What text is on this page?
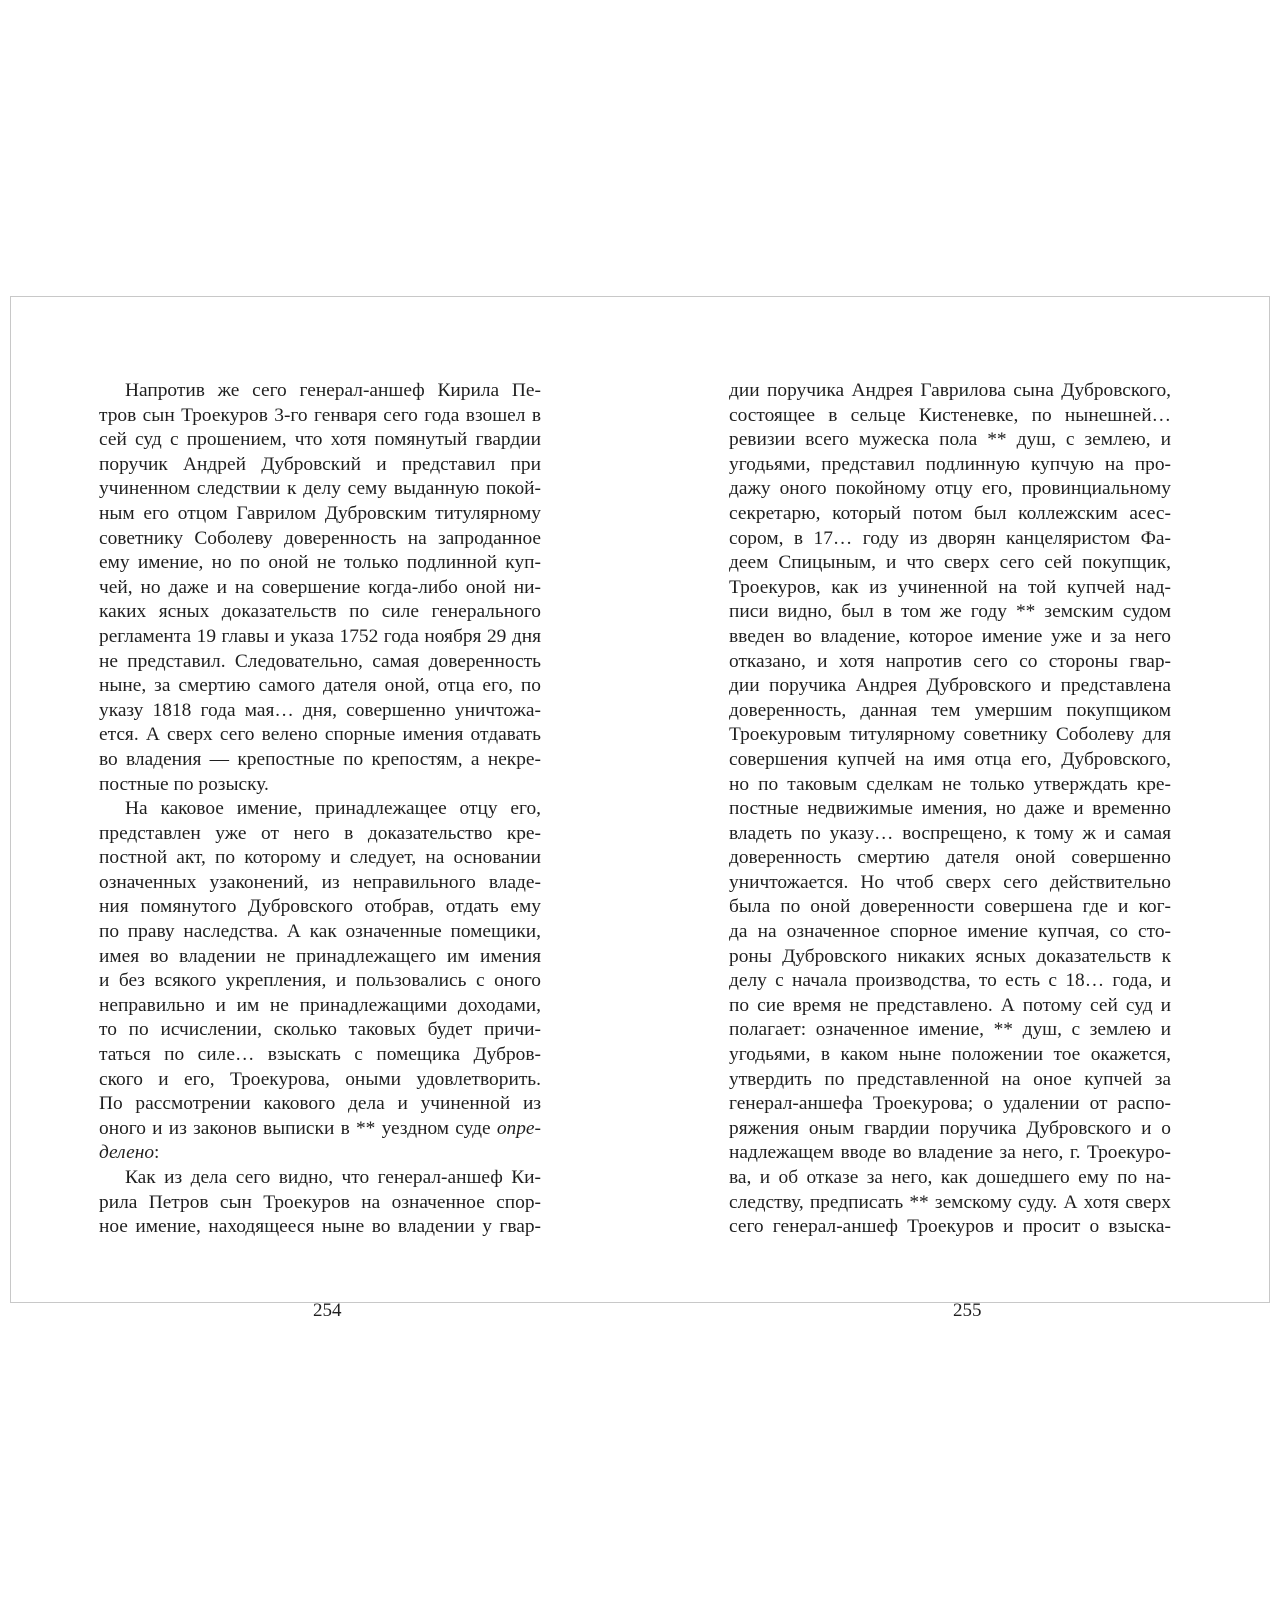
Напротив же сего генерал-аншеф Кирила Пе-
тров сын Троекуров 3-го генваря сего года взошел в
сей суд с прошением, что хотя помянутый гвардии
поручик Андрей Дубровский и представил при
учиненном следствии к делу сему выданную покой-
ным его отцом Гаврилом Дубровским титулярному
советнику Соболеву доверенность на запроданное
ему имение, но по оной не только подлинной куп-
чей, но даже и на совершение когда-либо оной ни-
каких ясных доказательств по силе генерального
регламента 19 главы и указа 1752 года ноября 29 дня
не представил. Следовательно, самая доверенность
ныне, за смертию самого дателя оной, отца его, по
указу 1818 года мая… дня, совершенно уничтожа-
ется. А сверх сего велено спорные имения отдавать
во владения — крепостные по крепостям, а некре-
постные по розыску.
На каковое имение, принадлежащее отцу его,
представлен уже от него в доказательство кре-
постной акт, по которому и следует, на основании
означенных узаконений, из неправильного владе-
ния помянутого Дубровского отобрав, отдать ему
по праву наследства. А как означенные помещики,
имея во владении не принадлежащего им имения
и без всякого укрепления, и пользовались с оного
неправильно и им не принадлежащими доходами,
то по исчислении, сколько таковых будет причи-
таться по силе… взыскать с помещика Дубров-
ского и его, Троекурова, оными удовлетворить.
По рассмотрении какового дела и учиненной из
оного и из законов выписки в ** уездном суде опре-
делено:
Как из дела сего видно, что генерал-аншеф Ки-
рила Петров сын Троекуров на означенное спор-
ное имение, находящееся ныне во владении у гвар-
254
дии поручика Андрея Гаврилова сына Дубровского,
состоящее в сельце Кистеневке, по нынешней…
ревизии всего мужеска пола ** душ, с землею, и
угодьями, представил подлинную купчую на про-
дажу оного покойному отцу его, провинциальному
секретарю, который потом был коллежским асес-
сором, в 17… году из дворян канцеляристом Фа-
деем Спицыным, и что сверх сего сей покупщик,
Троекуров, как из учиненной на той купчей над-
писи видно, был в том же году ** земским судом
введен во владение, которое имение уже и за него
отказано, и хотя напротив сего со стороны гвар-
дии поручика Андрея Дубровского и представлена
доверенность, данная тем умершим покупщиком
Троекуровым титулярному советнику Соболеву для
совершения купчей на имя отца его, Дубровского,
но по таковым сделкам не только утверждать кре-
постные недвижимые имения, но даже и временно
владеть по указу… воспрещено, к тому ж и самая
доверенность смертию дателя оной совершенно
уничтожается. Но чтоб сверх сего действительно
была по оной доверенности совершена где и ког-
да на означенное спорное имение купчая, со сто-
роны Дубровского никаких ясных доказательств к
делу с начала производства, то есть с 18… года, и
по сие время не представлено. А потому сей суд и
полагает: означенное имение, ** душ, с землею и
угодьями, в каком ныне положении тое окажется,
утвердить по представленной на оное купчей за
генерал-аншефа Троекурова; о удалении от распо-
ряжения оным гвардии поручика Дубровского и о
надлежащем вводе во владение за него, г. Троекуро-
ва, и об отказе за него, как дошедшего ему по на-
следству, предписать ** земскому суду. А хотя сверх
сего генерал-аншеф Троекуров и просит о взыска-
255
